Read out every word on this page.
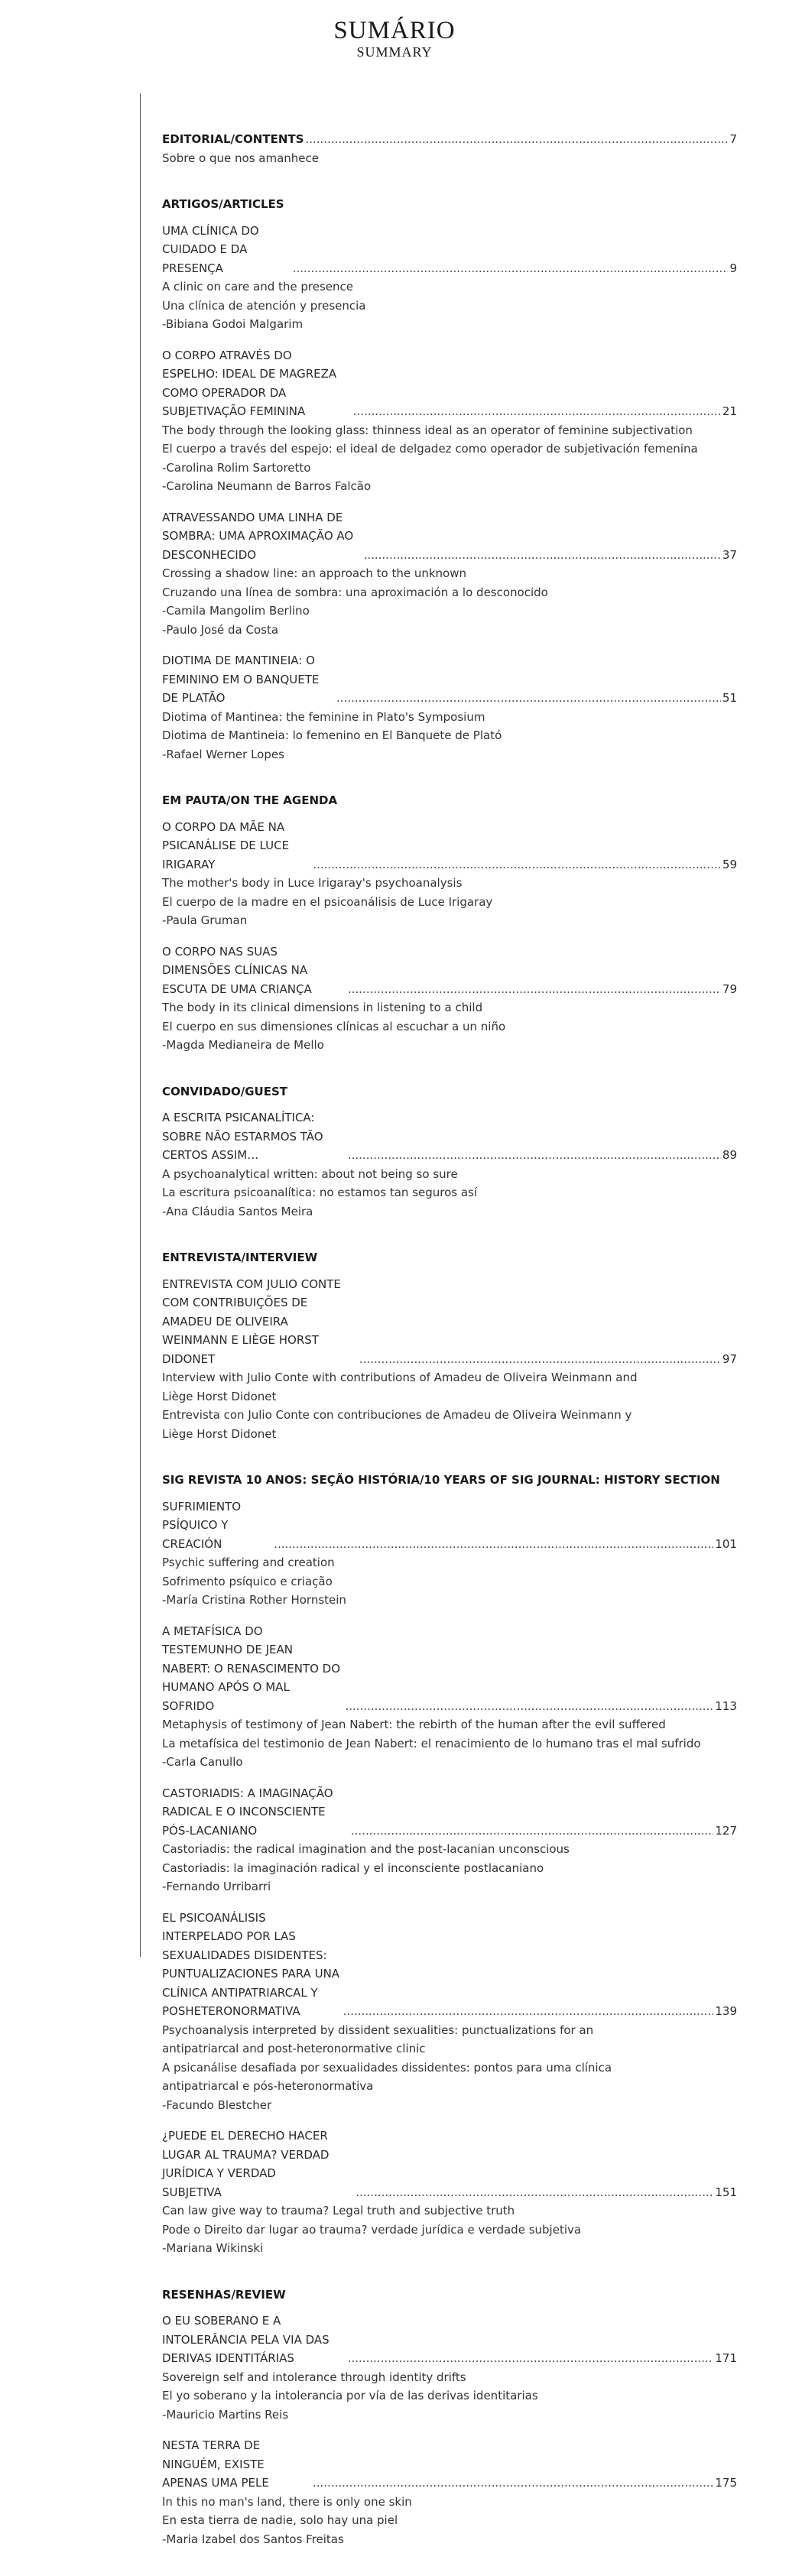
SUMÁRIO
SUMMARY
EDITORIAL/CONTENTS .....	7
Sobre o que nos amanhece
ARTIGOS/ARTICLES
UMA CLÍNICA DO CUIDADO E DA PRESENÇA .....	9
A clinic on care and the presence
Una clínica de atención y presencia
-Bibiana Godoi Malgarim
O CORPO ATRAVÉS DO ESPELHO: IDEAL DE MAGREZA COMO OPERADOR DA
SUBJETIVAÇÃO FEMININA .....	21
The body through the looking glass: thinness ideal as an operator of feminine subjectivation
El cuerpo a través del espejo: el ideal de delgadez como operador de subjetivación femenina
-Carolina Rolim Sartoretto
-Carolina Neumann de Barros Falcão
ATRAVESSANDO UMA LINHA DE SOMBRA: UMA APROXIMAÇÃO AO DESCONHECIDO .....	37
Crossing a shadow line: an approach to the unknown
Cruzando una línea de sombra: una aproximación a lo desconocido
-Camila Mangolim Berlino
-Paulo José da Costa
DIOTIMA DE MANTINEIA: O FEMININO EM O BANQUETE DE PLATÃO .....	51
Diotima of Mantinea: the feminine in Plato's Symposium
Diotima de Mantineia: lo femenino en El Banquete de Plató
-Rafael Werner Lopes
EM PAUTA/ON THE AGENDA
O CORPO DA MÃE NA PSICANÁLISE DE LUCE IRIGARAY .....	59
The mother's body in Luce Irigaray's psychoanalysis
El cuerpo de la madre en el psicoanálisis de Luce Irigaray
-Paula Gruman
O CORPO NAS SUAS DIMENSÕES CLÍNICAS NA ESCUTA DE UMA CRIANÇA .....	79
The body in its clinical dimensions in listening to a child
El cuerpo en sus dimensiones clínicas al escuchar a un niño
-Magda Medianeira de Mello
CONVIDADO/GUEST
A ESCRITA PSICANALÍTICA: SOBRE NÃO ESTARMOS TÃO CERTOS ASSIM… .....	89
A psychoanalytical written: about not being so sure
La escritura psicoanalítica: no estamos tan seguros así
-Ana Cláudia Santos Meira
ENTREVISTA/INTERVIEW
ENTREVISTA COM JULIO CONTE COM CONTRIBUIÇÕES DE AMADEU DE OLIVEIRA
WEINMANN E LIÈGE HORST DIDONET .....	97
Interview with Julio Conte with contributions of Amadeu de Oliveira Weinmann and
Liège Horst Didonet
Entrevista con Julio Conte con contribuciones de Amadeu de Oliveira Weinmann y
Liège Horst Didonet
SIG REVISTA 10 ANOS: SEÇÃO HISTÓRIA/10 YEARS OF SIG JOURNAL: HISTORY SECTION
SUFRIMIENTO PSÍQUICO Y CREACIÓN .....	101
Psychic suffering and creation
Sofrimento psíquico e criação
-María Cristina Rother Hornstein
A METAFÍSICA DO TESTEMUNHO DE JEAN NABERT: O RENASCIMENTO DO
HUMANO APÓS O MAL SOFRIDO .....	113
Metaphysis of testimony of Jean Nabert: the rebirth of the human after the evil suffered
La metafísica del testimonio de Jean Nabert: el renacimiento de lo humano tras el mal sufrido
-Carla Canullo
CASTORIADIS: A IMAGINAÇÃO RADICAL E O INCONSCIENTE PÓS-LACANIANO .....	127
Castoriadis: the radical imagination and the post-lacanian unconscious
Castoriadis: la imaginación radical y el inconsciente postlacaniano
-Fernando Urribarri
EL PSICOANÁLISIS INTERPELADO POR LAS SEXUALIDADES DISIDENTES:
PUNTUALIZACIONES PARA UNA CLÍNICA ANTIPATRIARCAL Y
POSHETERONORMATIVA .....	139
Psychoanalysis interpreted by dissident sexualities: punctualizations for an
antipatriarcal and post-heteronormative clinic
A psicanálise desafiada por sexualidades dissidentes: pontos para uma clínica
antipatriarcal e pós-heteronormativa
-Facundo Blestcher
¿PUEDE EL DERECHO HACER LUGAR AL TRAUMA? VERDAD JURÍDICA Y VERDAD
SUBJETIVA .....	151
Can law give way to trauma? Legal truth and subjective truth
Pode o Direito dar lugar ao trauma? verdade jurídica e verdade subjetiva
-Mariana Wikinski
RESENHAS/REVIEW
O EU SOBERANO E A INTOLERÂNCIA PELA VIA DAS DERIVAS IDENTITÁRIAS .....	171
Sovereign self and intolerance through identity drifts
El yo soberano y la intolerancia por vía de las derivas identitarias
-Mauricio Martins Reis
NESTA TERRA DE NINGUÉM, EXISTE APENAS UMA PELE .....	175
In this no man's land, there is only one skin
En esta tierra de nadie, solo hay una piel
-Maria Izabel dos Santos Freitas
